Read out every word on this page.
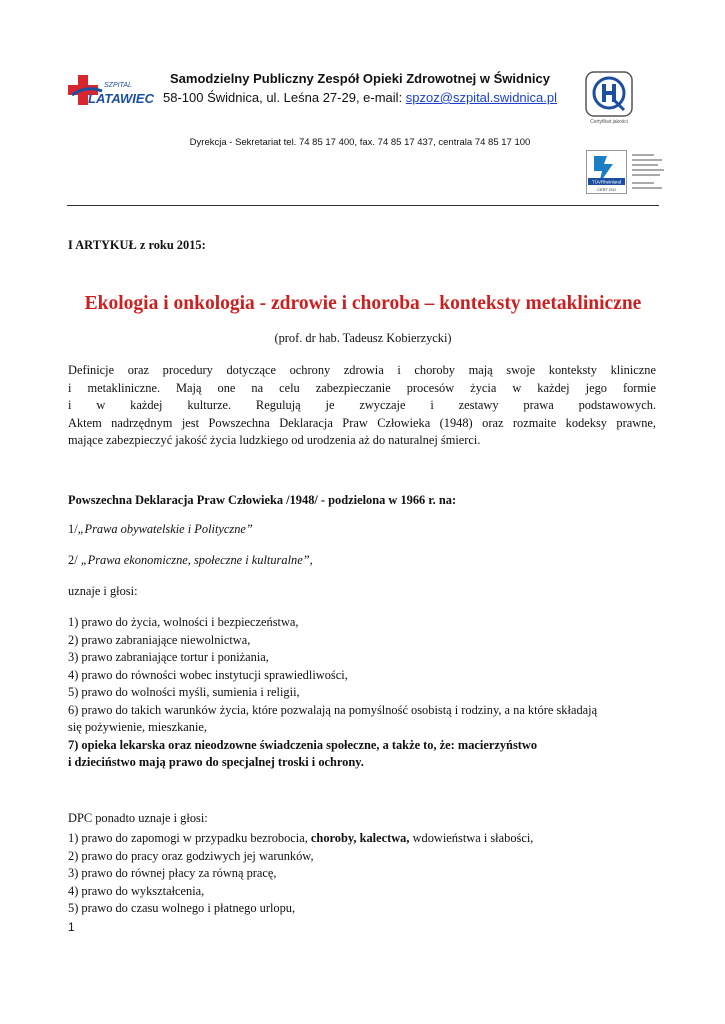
SZPITAL
LATAWIEC
Samodzielny Publiczny Zespół Opieki Zdrowotnej w Świdnicy
58-100 Świdnica, ul. Leśna 27-29, e-mail: spzoz@szpital.swidnica.pl
Dyrekcja - Sekretariat tel. 74 85 17 400, fax. 74 85 17 437, centrala 74 85 17 100
Certyfikat jakości
TÜVRheinland
CERT ISO
I ARTYKUŁ z roku 2015:
Ekologia i onkologia - zdrowie i choroba – konteksty metakliniczne
(prof. dr hab. Tadeusz Kobierzycki)
Definicje oraz procedury dotyczące ochrony zdrowia i choroby mają swoje konteksty kliniczne
i metakliniczne. Mają one na celu zabezpieczanie procesów życia w każdej jego formie
i w każdej kulturze. Regulują je zwyczaje i zestawy prawa podstawowych.
Aktem nadrzędnym jest Powszechna Deklaracja Praw Człowieka (1948) oraz rozmaite kodeksy prawne,
mające zabezpieczyć jakość życia ludzkiego od urodzenia aż do naturalnej śmierci.
Powszechna Deklaracja Praw Człowieka /1948/ - podzielona w 1966 r. na:
1/„Prawa obywatelskie i Polityczne”
2/ „Prawa ekonomiczne, społeczne i kulturalne”,
uznaje i głosi:
1) prawo do życia, wolności i bezpieczeństwa,
2) prawo zabraniające niewolnictwa,
3) prawo zabraniające tortur i poniżania,
4) prawo do równości wobec instytucji sprawiedliwości,
5) prawo do wolności myśli, sumienia i religii,
6) prawo do takich warunków życia, które pozwalają na pomyślność osobistą i rodziny, a na które składają
się pożywienie, mieszkanie,
7) opieka lekarska oraz nieodzowne świadczenia społeczne, a także to, że: macierzyństwo
i dzieciństwo mają prawo do specjalnej troski i ochrony.
DPC ponadto uznaje i głosi:
1) prawo do zapomogi w przypadku bezrobocia, choroby, kalectwa, wdowieństwa i słabości,
2) prawo do pracy oraz godziwych jej warunków,
3) prawo do równej płacy za równą pracę,
4) prawo do wykształcenia,
5) prawo do czasu wolnego i płatnego urlopu,
1
